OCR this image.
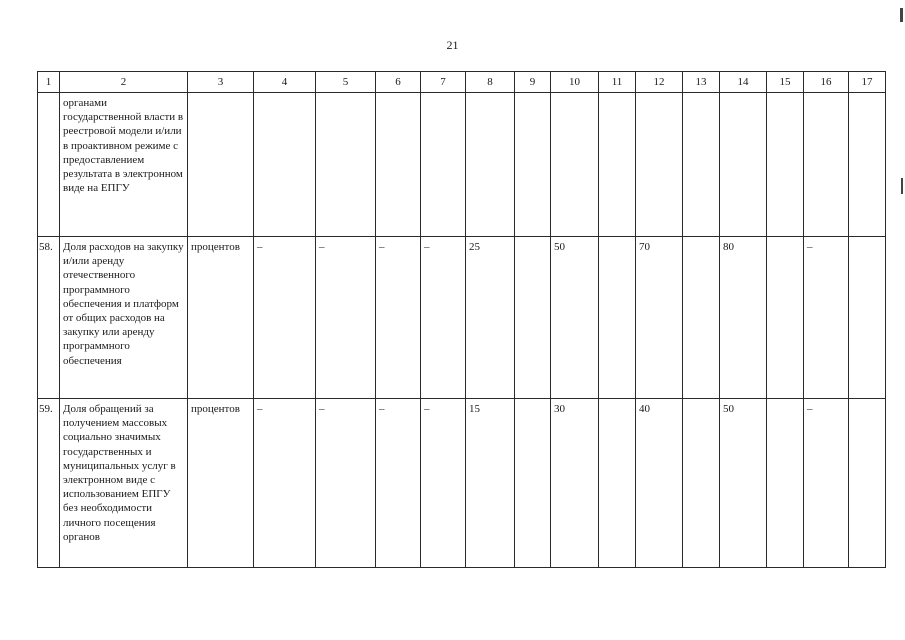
21
1	2	3	4	5	6	7	8	9	10	11	12	13	14	15	16	17
	органами государственной власти в реестровой модели и/или в проактивном режиме с предоставлением результата в электронном виде на ЕПГУ															
58.	Доля расходов на закупку и/или аренду отечественного программного обеспечения и платформ от общих расходов на закупку или аренду программного обеспечения	процентов	–	–	–	–	25		50		70		80		–	
59.	Доля обращений за получением массовых социально значимых государственных и муниципальных услуг в электронном виде с использованием ЕПГУ без необходимости личного посещения органов	процентов	–	–	–	–	15		30		40		50		–	
